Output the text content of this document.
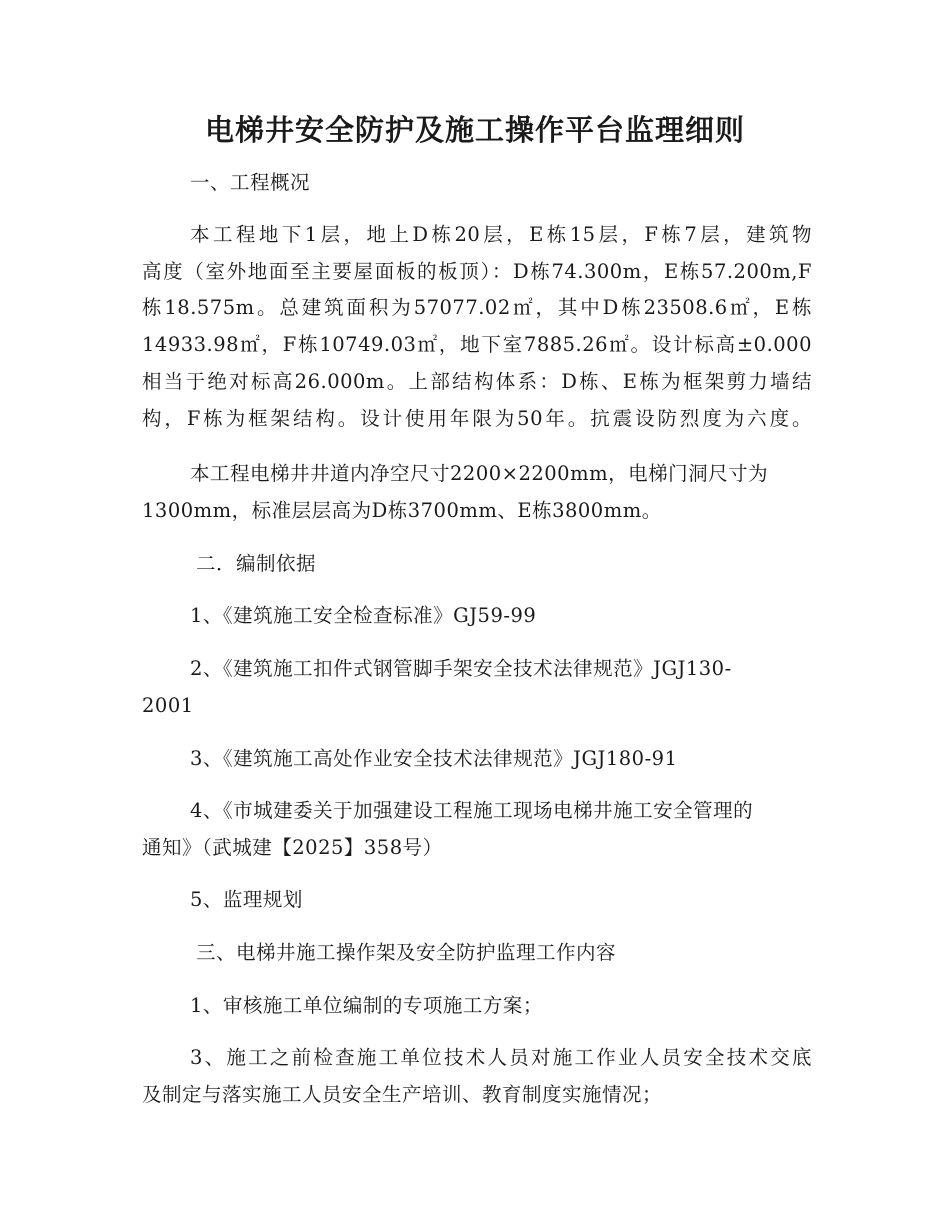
电梯井安全防护及施工操作平台监理细则
一、工程概况
本工程地下1层，地上D栋20层，E栋15层，F栋7层，建筑物
高度（室外地面至主要屋面板的板顶）：D栋74.300m，E栋57.200m,F
栋18.575m。总建筑面积为57077.02㎡，其中D栋23508.6㎡，E栋
14933.98㎡，F栋10749.03㎡，地下室7885.26㎡。设计标高±0.000
相当于绝对标高26.000m。上部结构体系：D栋、E栋为框架剪力墙结
构，F栋为框架结构。设计使用年限为50年。抗震设防烈度为六度。
本工程电梯井井道内净空尺寸2200×2200mm，电梯门洞尺寸为
1300mm，标准层层高为D栋3700mm、E栋3800mm。
二．编制依据
1、《建筑施工安全检查标准》GJ59-99
2、《建筑施工扣件式钢管脚手架安全技术法律规范》JGJ130-
2001
3、《建筑施工高处作业安全技术法律规范》JGJ180-91
4、《市城建委关于加强建设工程施工现场电梯井施工安全管理的
通知》（武城建【2025】358号）
5、监理规划
三、电梯井施工操作架及安全防护监理工作内容
1、审核施工单位编制的专项施工方案；
3、施工之前检查施工单位技术人员对施工作业人员安全技术交底
及制定与落实施工人员安全生产培训、教育制度实施情况；
